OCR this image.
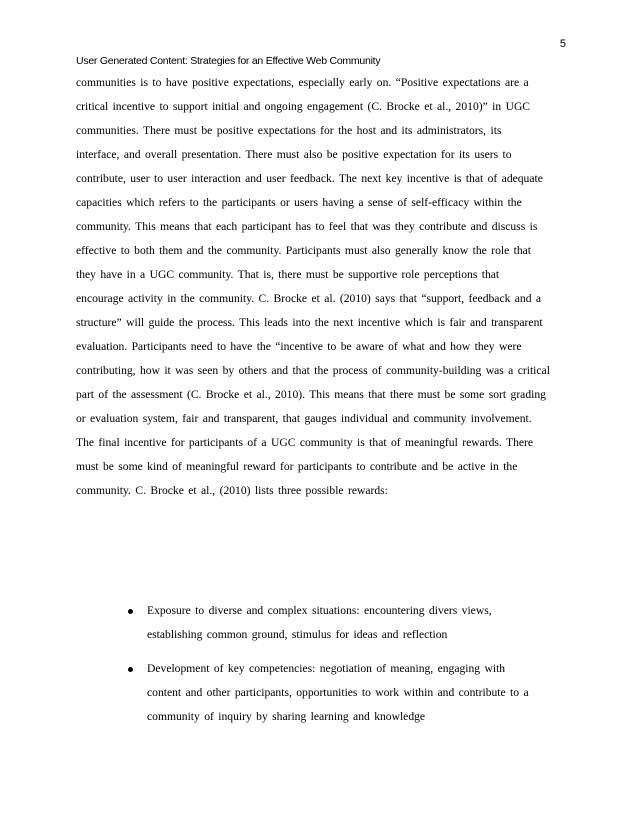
5
User Generated Content: Strategies for an Effective Web Community
communities is to have positive expectations, especially early on. “Positive expectations are a
critical incentive to support initial and ongoing engagement (C. Brocke et al., 2010)” in UGC
communities. There must be positive expectations for the host and its administrators, its
interface, and overall presentation. There must also be positive expectation for its users to
contribute, user to user interaction and user feedback. The next key incentive is that of adequate
capacities which refers to the participants or users having a sense of self-efficacy within the
community. This means that each participant has to feel that was they contribute and discuss is
effective to both them and the community. Participants must also generally know the role that
they have in a UGC community. That is, there must be supportive role perceptions that
encourage activity in the community. C. Brocke et al. (2010) says that “support, feedback and a
structure” will guide the process. This leads into the next incentive which is fair and transparent
evaluation. Participants need to have the “incentive to be aware of what and how they were
contributing, how it was seen by others and that the process of community-building was a critical
part of the assessment (C. Brocke et al., 2010). This means that there must be some sort grading
or evaluation system, fair and transparent, that gauges individual and community involvement.
The final incentive for participants of a UGC community is that of meaningful rewards. There
must be some kind of meaningful reward for participants to contribute and be active in the
community. C. Brocke et al., (2010) lists three possible rewards:
Exposure to diverse and complex situations: encountering divers views,
establishing common ground, stimulus for ideas and reflection
Development of key competencies: negotiation of meaning, engaging with
content and other participants, opportunities to work within and contribute to a
community of inquiry by sharing learning and knowledge
